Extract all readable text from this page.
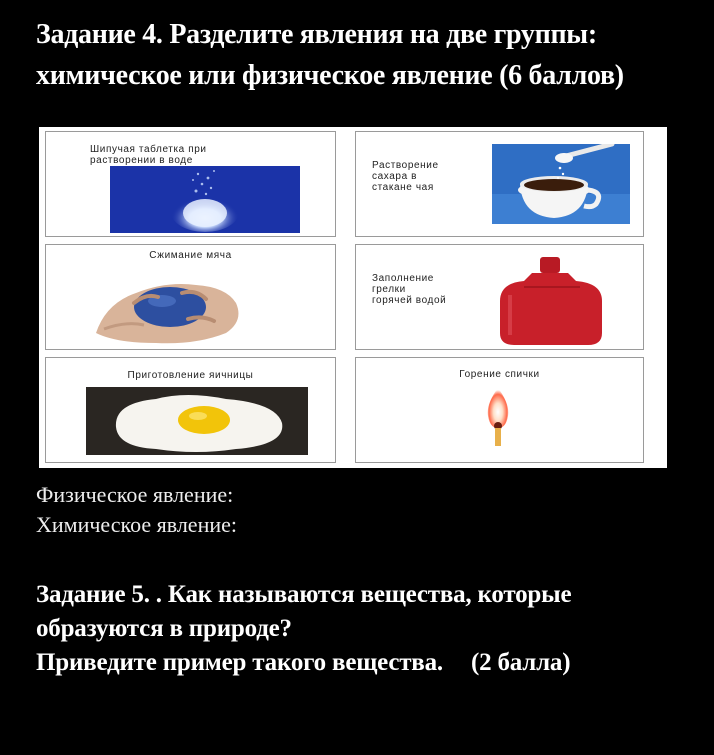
Задание 4. Разделите явления на две группы:
химическое или физическое явление (6 баллов)
Шипучая таблетка при
растворении в воде	Растворение
сахара в
стакане чая
Сжимание мяча
Заполнение
грелки
горячей водой
Приготовление яичницы	Горение спички
Физическое явление:
Химическое явление:
Задание 5. . Как называются вещества, которые
образуются в природе?
Приведите пример такого вещества. (2 балла)
